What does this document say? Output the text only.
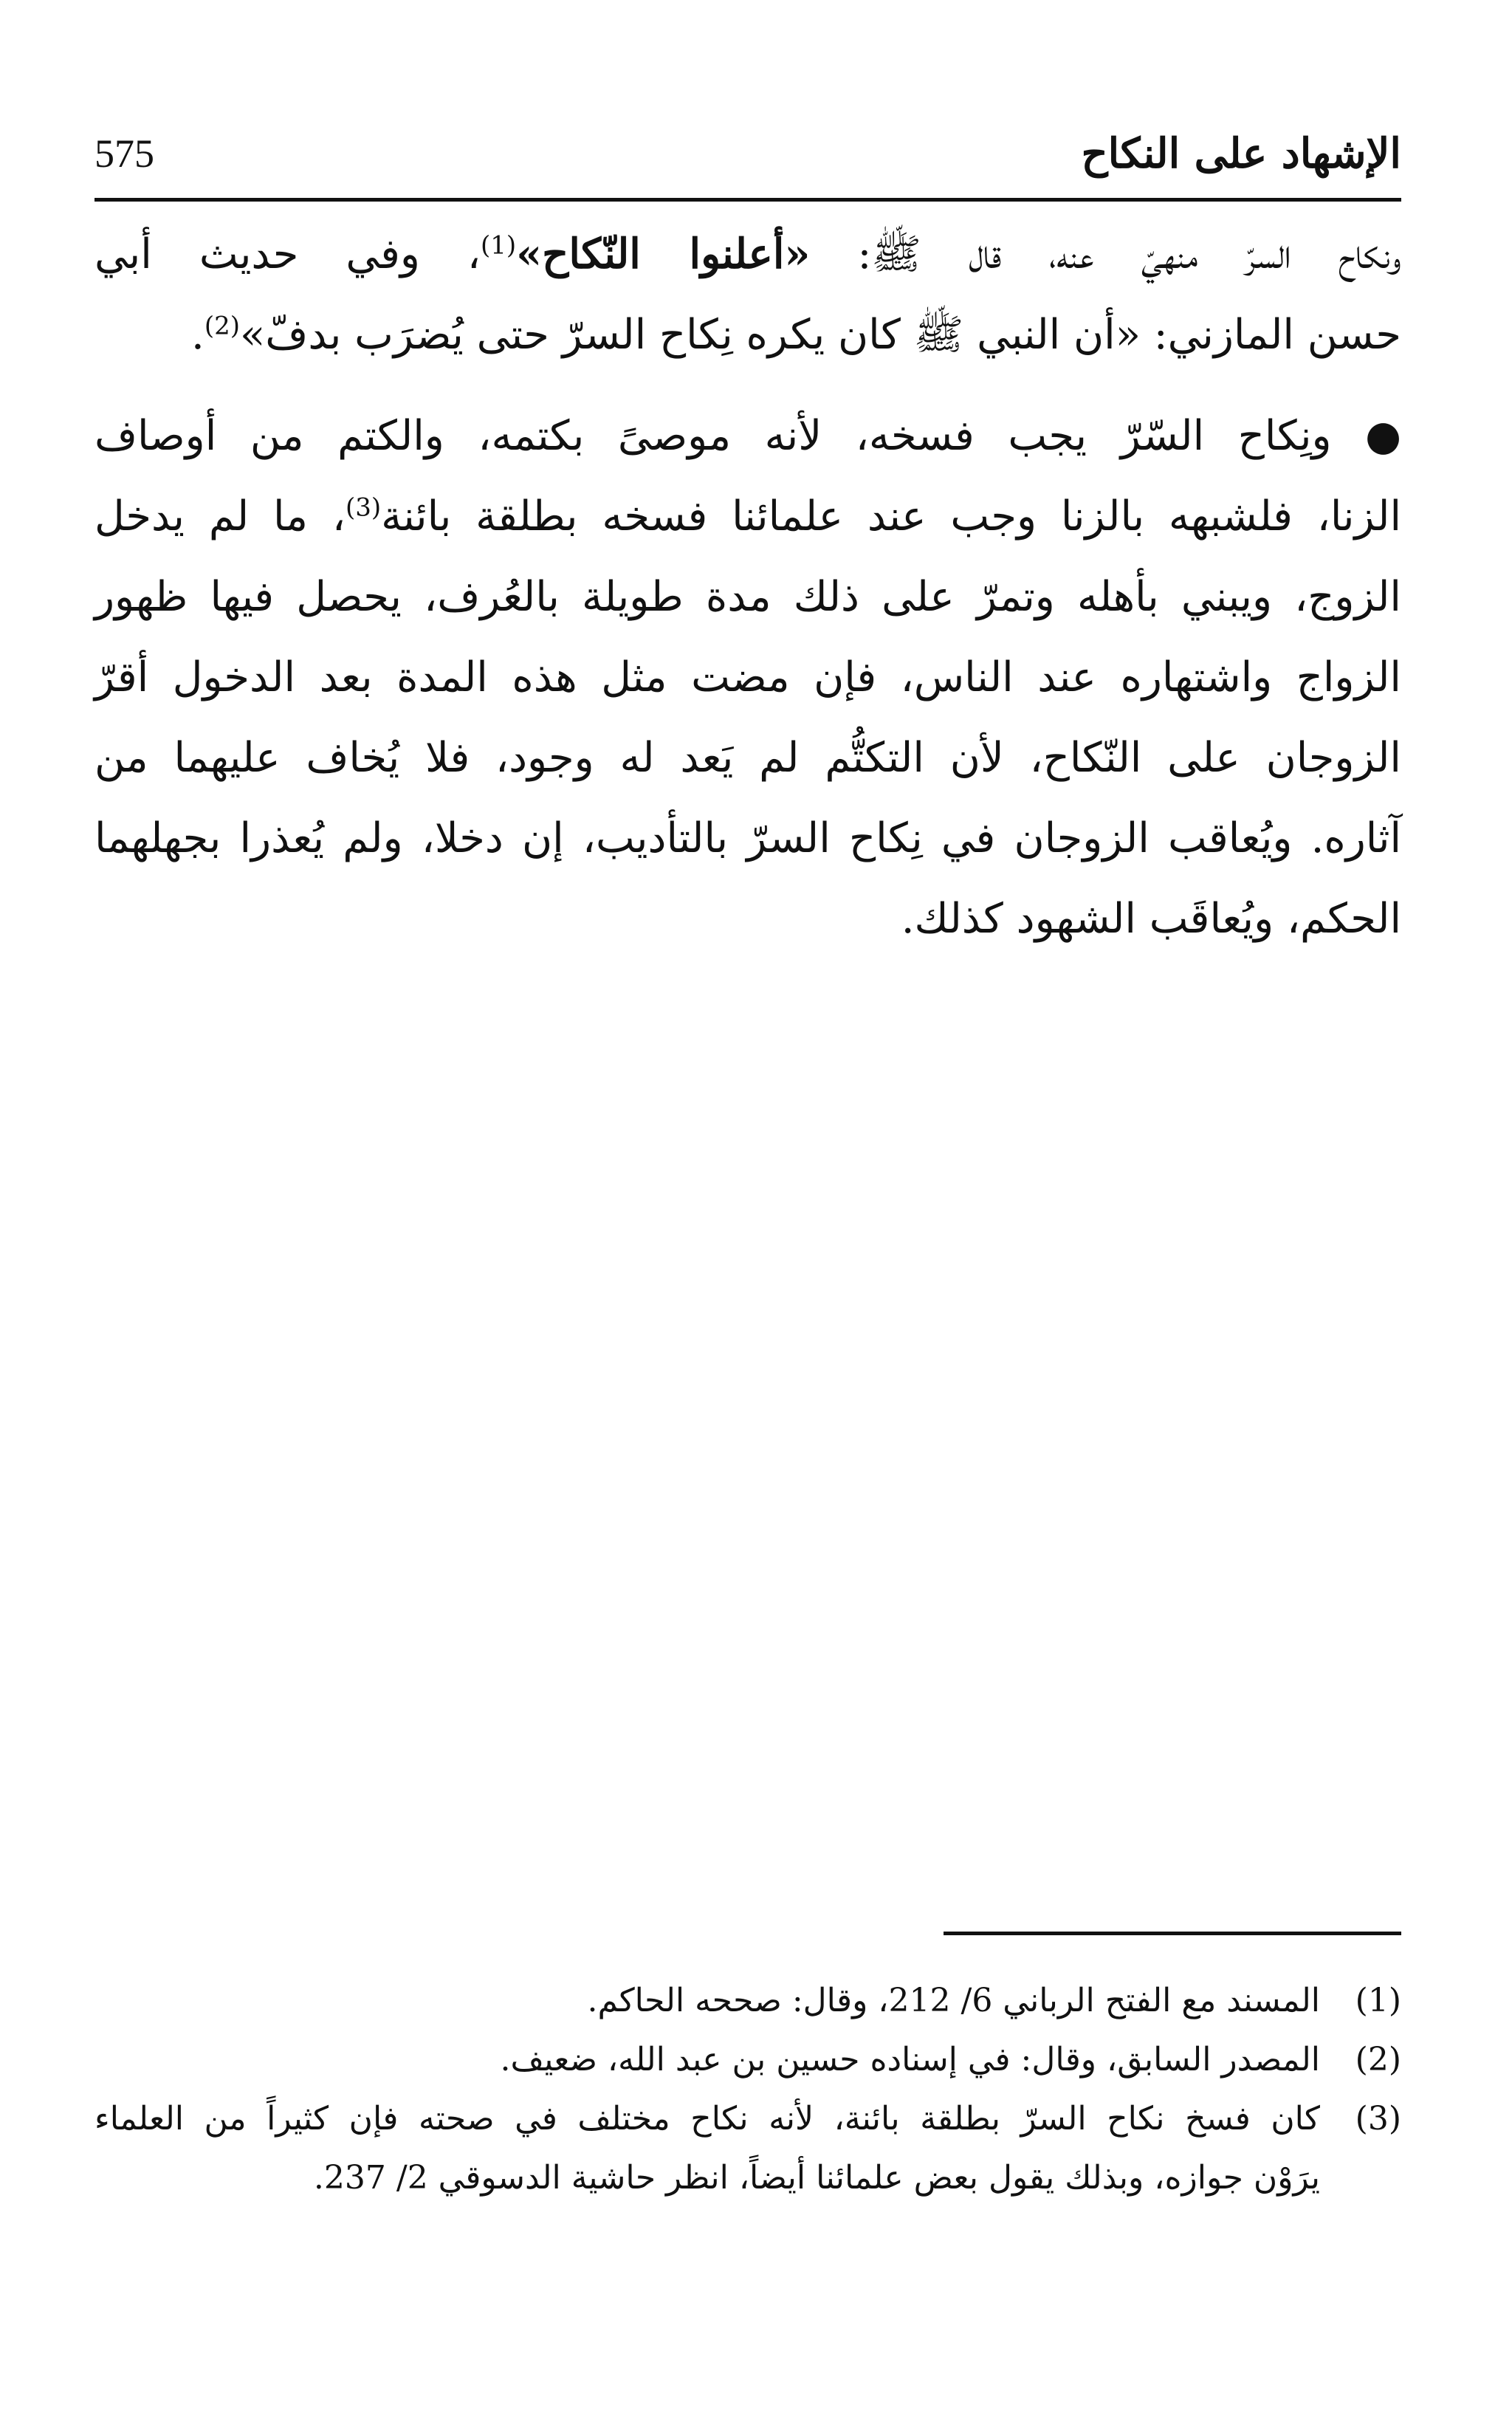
الإشهاد على النكاح
575
ونكاح السرّ منهيّ عنه، قال ﷺ: «أعلنوا النّكاح»$^{(1)}$، وفي حديث أبي
حسن المازني: «أن النبي ﷺ كان يكره نِكاح السرّ حتى يُضرَب بدفّ»$^{(2)}$.
● ونِكاح السّرّ يجب فسخه، لأنه موصىً بكتمه، والكتم من أوصاف
الزنا، فلشبهه بالزنا وجب عند علمائنا فسخه بطلقة بائنة$^{(3)}$، ما لم يدخل
الزوج، ويبني بأهله وتمرّ على ذلك مدة طويلة بالعُرف، يحصل فيها ظهور
الزواج واشتهاره عند الناس، فإن مضت مثل هذه المدة بعد الدخول أقرّ
الزوجان على النّكاح، لأن التكتُّم لم يَعد له وجود، فلا يُخاف عليهما من
آثاره. ويُعاقب الزوجان في نِكاح السرّ بالتأديب، إن دخلا، ولم يُعذرا بجهلهما
الحكم، ويُعاقَب الشهود كذلك.
(1)
المسند مع الفتح الرباني 6/ 212، وقال: صححه الحاكم.
(2)
المصدر السابق، وقال: في إسناده حسين بن عبد الله، ضعيف.
(3)
كان فسخ نكاح السرّ بطلقة بائنة، لأنه نكاح مختلف في صحته فإن كثيراً من العلماء
يرَوْن جوازه، وبذلك يقول بعض علمائنا أيضاً، انظر حاشية الدسوقي 2/ 237.
